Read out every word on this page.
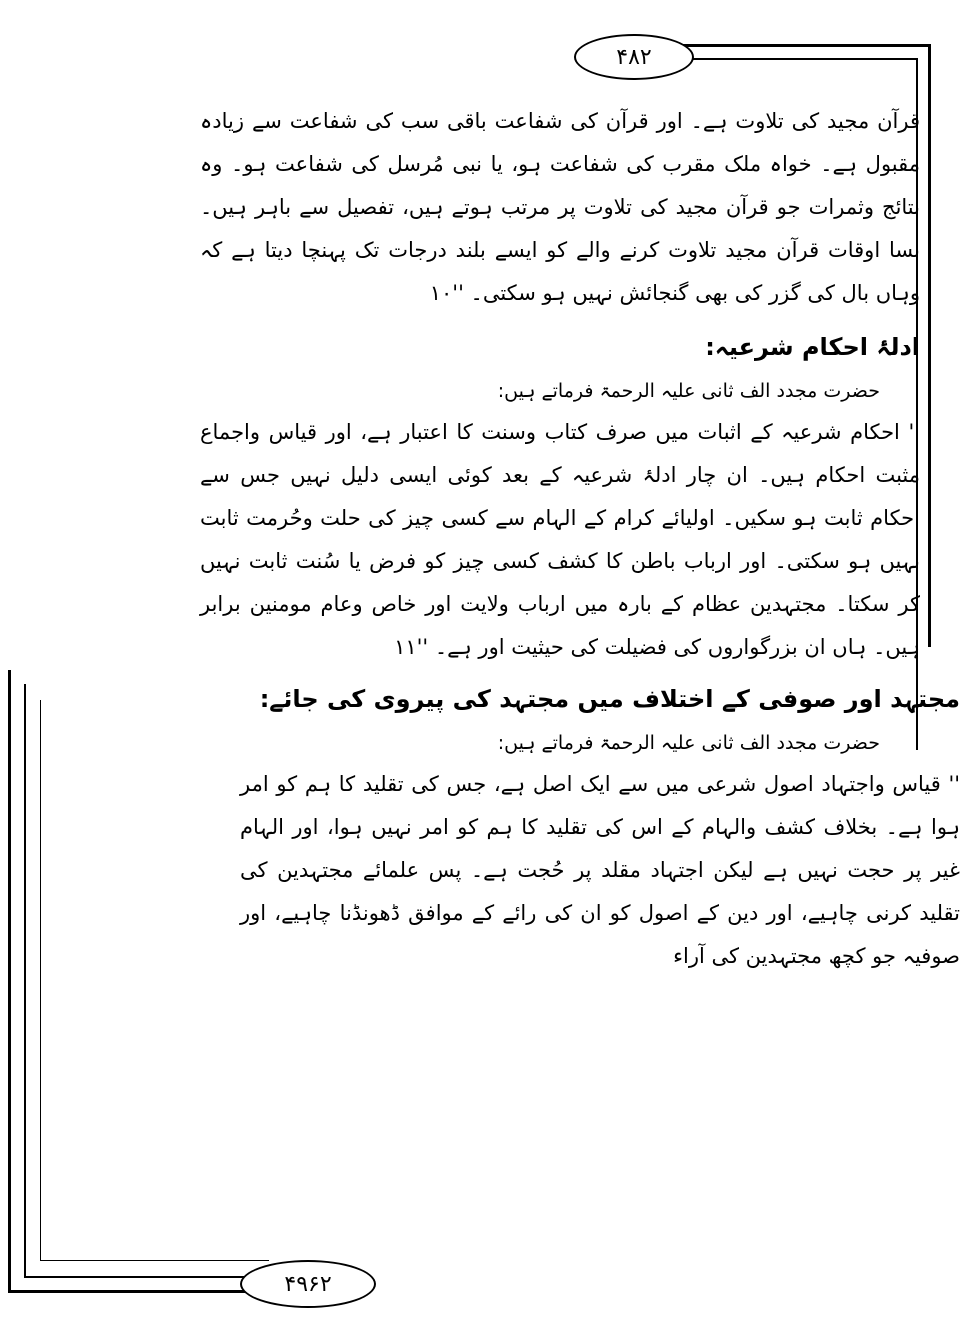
۴۸۲
۴۹۶۲

قرآن مجید کی تلاوت ہے۔ اور قرآن کی شفاعت باقی سب کی شفاعت سے زیادہ مقبول ہے۔ خواہ ملک مقرب کی شفاعت ہو، یا نبی مُرسل کی شفاعت ہو۔ وہ نتائج وثمرات جو قرآن مجید کی تلاوت پر مرتب ہوتے ہیں، تفصیل سے باہر ہیں۔ بسا اوقات قرآن مجید تلاوت کرنے والے کو ایسے بلند درجات تک پہنچا دیتا ہے کہ وہاں بال کی گزر کی بھی گنجائش نہیں ہو سکتی۔ ''۱۰

ادلۂ احکام شرعیہ:

حضرت مجدد الف ثانی علیہ الرحمۃ فرماتے ہیں:

'' احکام شرعیہ کے اثبات میں صرف کتاب وسنت کا اعتبار ہے، اور قیاس واجماع مثبت احکام ہیں۔ ان چار ادلۂ شرعیہ کے بعد کوئی ایسی دلیل نہیں جس سے احکام ثابت ہو سکیں۔ اولیائے کرام کے الہام سے کسی چیز کی حلت وحُرمت ثابت نہیں ہو سکتی۔ اور ارباب باطن کا کشف کسی چیز کو فرض یا سُنت ثابت نہیں کر سکتا۔ مجتہدین عظام کے بارہ میں ارباب ولایت اور خاص وعام مومنین برابر ہیں۔ ہاں ان بزرگواروں کی فضیلت کی حیثیت اور ہے۔ ''۱۱

مجتہد اور صوفی کے اختلاف میں مجتہد کی پیروی کی جائے:

حضرت مجدد الف ثانی علیہ الرحمۃ فرماتے ہیں:

'' قیاس واجتہاد اصول شرعی میں سے ایک اصل ہے، جس کی تقلید کا ہم کو امر ہوا ہے۔ بخلاف کشف والہام کے اس کی تقلید کا ہم کو امر نہیں ہوا، اور الہام غیر پر حجت نہیں ہے لیکن اجتہاد مقلد پر حُجت ہے۔ پس علمائے مجتہدین کی تقلید کرنی چاہیے، اور دین کے اصول کو ان کی رائے کے موافق ڈھونڈنا چاہیے، اور صوفیہ جو کچھ مجتہدین کی آراء
